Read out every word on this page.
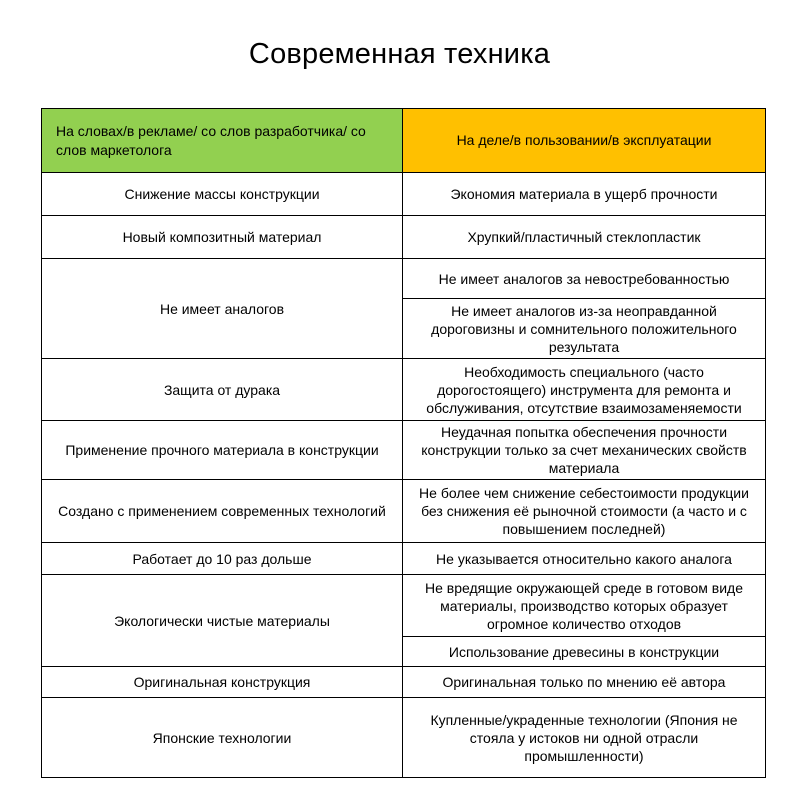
Современная техника
На словах/в рекламе/ со слов разработчика/ со слов маркетолога	На деле/в пользовании/в эксплуатации
Снижение массы конструкции	Экономия материала в ущерб прочности
Новый композитный материал	Хрупкий/пластичный стеклопластик
Не имеет аналогов	Не имеет аналогов за невостребованностью
	Не имеет аналогов из-за неоправданной дороговизны и сомнительного положительного результата
Защита от дурака	Необходимость специального (часто дорогостоящего) инструмента для ремонта и обслуживания, отсутствие взаимозаменяемости
Применение прочного материала в конструкции	Неудачная попытка обеспечения прочности конструкции только за счет механических свойств материала
Создано с применением современных технологий	Не более чем снижение себестоимости продукции без снижения её рыночной стоимости (а часто и с повышением последней)
Работает до 10 раз дольше	Не указывается относительно какого аналога
Экологически чистые материалы	Не вредящие окружающей среде в готовом виде материалы, производство которых образует огромное количество отходов
	Использование древесины в конструкции
Оригинальная конструкция	Оригинальная только по мнению её автора
Японские технологии	Купленные/украденные технологии (Япония не стояла у истоков ни одной отрасли промышленности)
